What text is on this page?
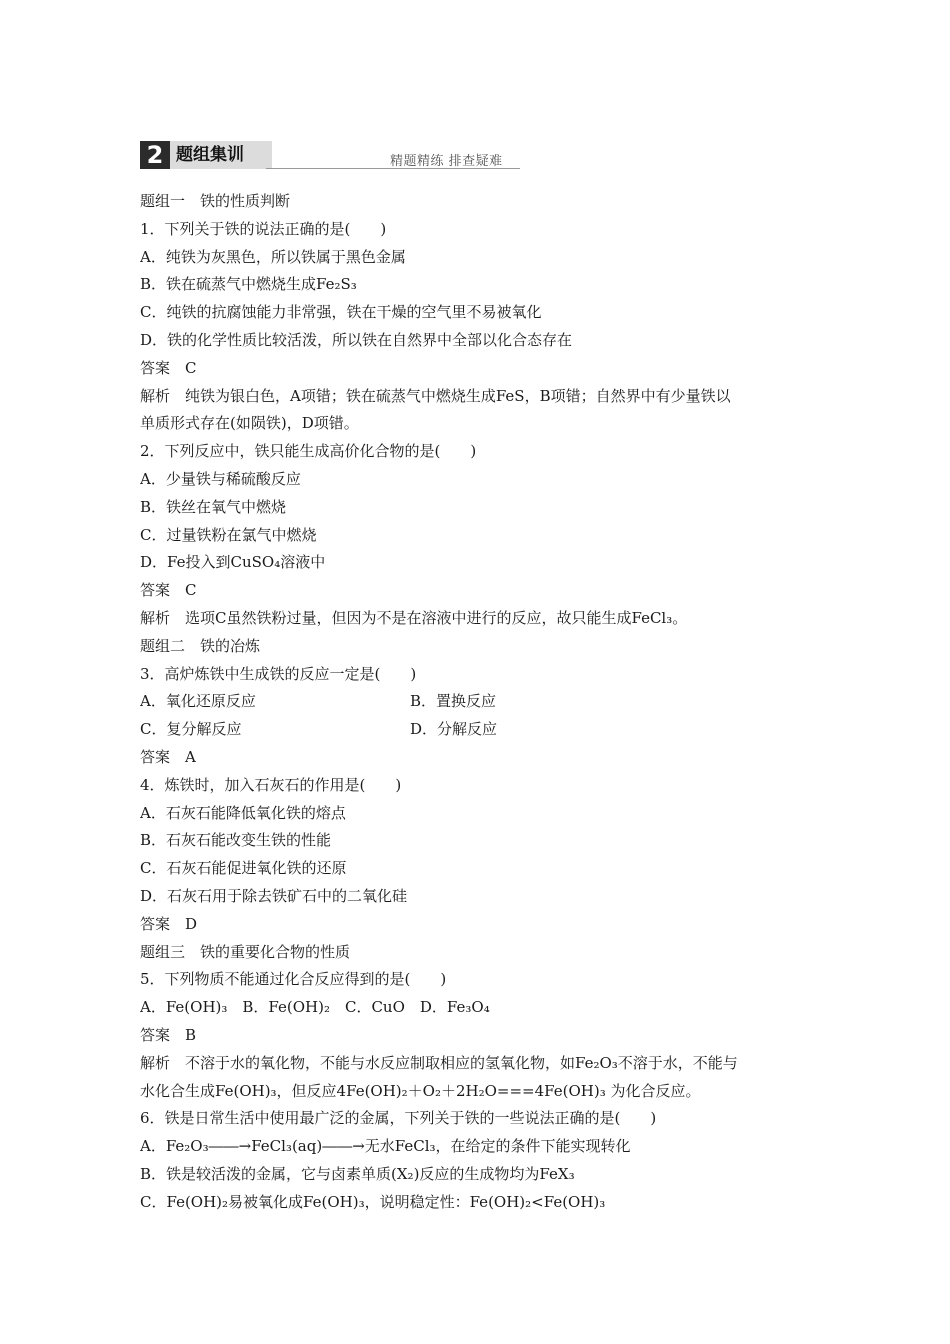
2 题组集训	精题精练 排查疑难
题组一　铁的性质判断
1．下列关于铁的说法正确的是(　　)
A．纯铁为灰黑色，所以铁属于黑色金属
B．铁在硫蒸气中燃烧生成Fe₂S₃
C．纯铁的抗腐蚀能力非常强，铁在干燥的空气里不易被氧化
D．铁的化学性质比较活泼，所以铁在自然界中全部以化合态存在
答案　C
解析　纯铁为银白色，A项错；铁在硫蒸气中燃烧生成FeS，B项错；自然界中有少量铁以
单质形式存在(如陨铁)，D项错。
2．下列反应中，铁只能生成高价化合物的是(　　)
A．少量铁与稀硫酸反应
B．铁丝在氧气中燃烧
C．过量铁粉在氯气中燃烧
D．Fe投入到CuSO₄溶液中
答案　C
解析　选项C虽然铁粉过量，但因为不是在溶液中进行的反应，故只能生成FeCl₃。
题组二　铁的冶炼
3．高炉炼铁中生成铁的反应一定是(　　)
A．氧化还原反应	B．置换反应
C．复分解反应	D．分解反应
答案　A
4．炼铁时，加入石灰石的作用是(　　)
A．石灰石能降低氧化铁的熔点
B．石灰石能改变生铁的性能
C．石灰石能促进氧化铁的还原
D．石灰石用于除去铁矿石中的二氧化硅
答案　D
题组三　铁的重要化合物的性质
5．下列物质不能通过化合反应得到的是(　　)
A．Fe(OH)₃　B．Fe(OH)₂　C．CuO　D．Fe₃O₄
答案　B
解析　不溶于水的氧化物，不能与水反应制取相应的氢氧化物，如Fe₂O₃不溶于水，不能与
水化合生成Fe(OH)₃，但反应4Fe(OH)₂＋O₂＋2H₂O===4Fe(OH)₃ 为化合反应。
6．铁是日常生活中使用最广泛的金属，下列关于铁的一些说法正确的是(　　)
A．Fe₂O₃――→FeCl₃(aq)――→无水FeCl₃，在给定的条件下能实现转化
B．铁是较活泼的金属，它与卤素单质(X₂)反应的生成物均为FeX₃
C．Fe(OH)₂易被氧化成Fe(OH)₃，说明稳定性：Fe(OH)₂<Fe(OH)₃
